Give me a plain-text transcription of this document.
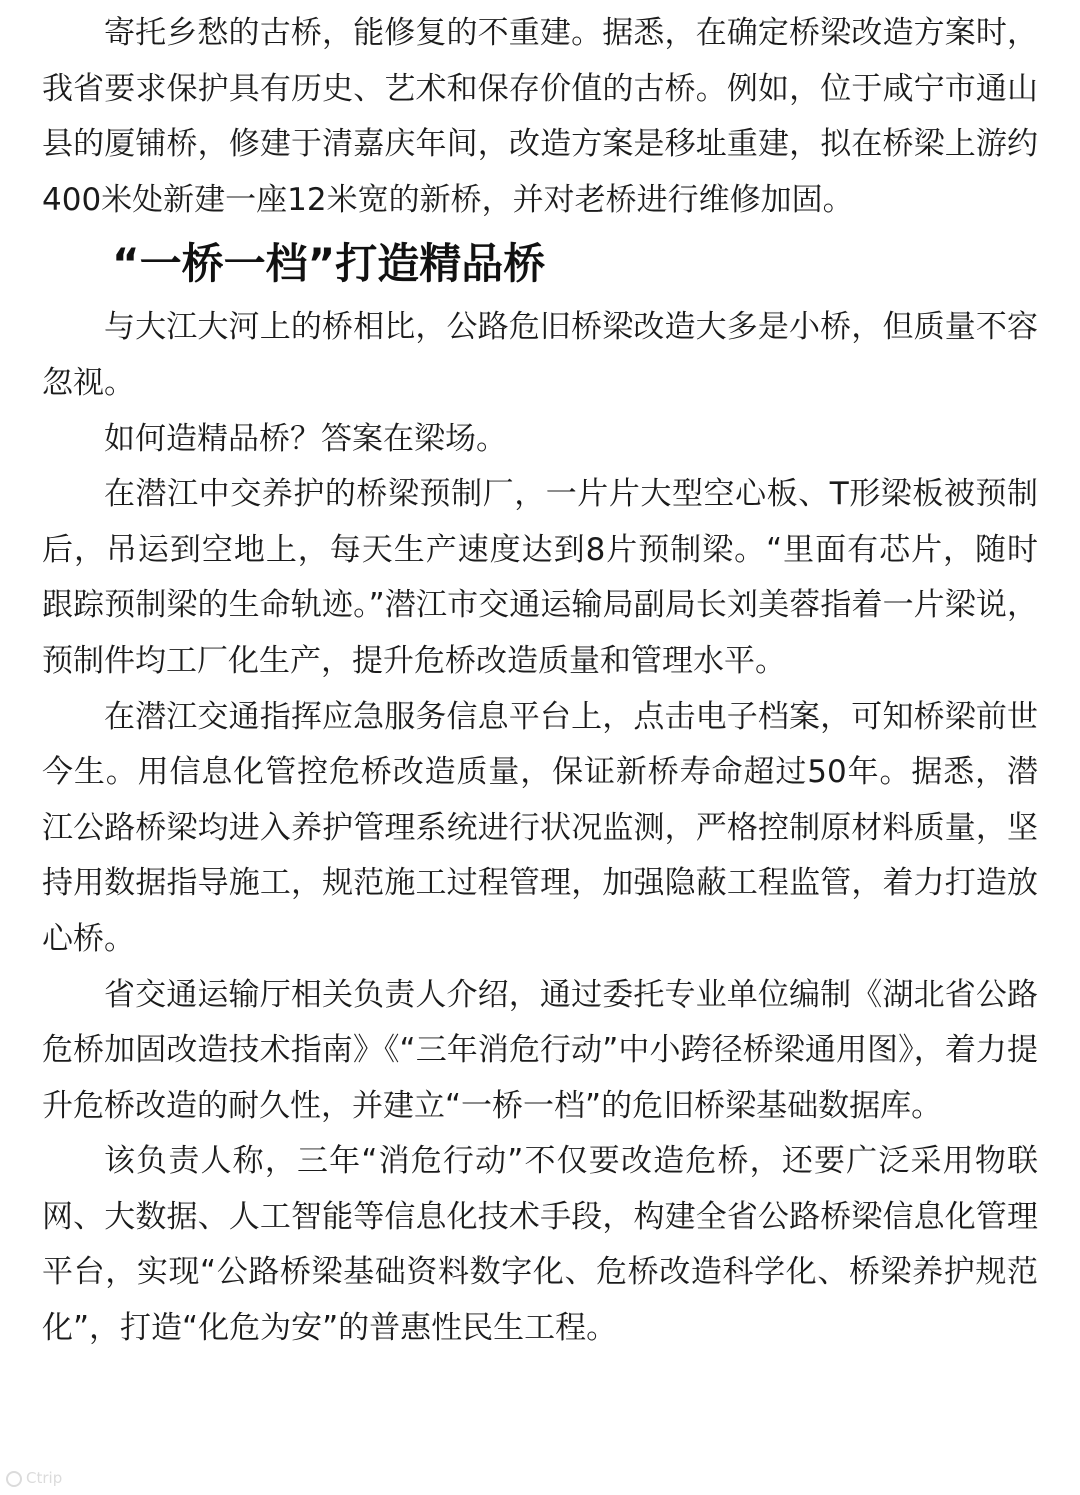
寄托乡愁的古桥，能修复的不重建。据悉，在确定桥梁改造方案时，我省要求保护具有历史、艺术和保存价值的古桥。例如，位于咸宁市通山县的厦铺桥，修建于清嘉庆年间，改造方案是移址重建，拟在桥梁上游约400米处新建一座12米宽的新桥，并对老桥进行维修加固。

“一桥一档”打造精品桥

与大江大河上的桥相比，公路危旧桥梁改造大多是小桥，但质量不容忽视。

如何造精品桥？答案在梁场。

在潜江中交养护的桥梁预制厂，一片片大型空心板、T形梁板被预制后，吊运到空地上，每天生产速度达到8片预制梁。“里面有芯片，随时跟踪预制梁的生命轨迹。”潜江市交通运输局副局长刘美蓉指着一片梁说，预制件均工厂化生产，提升危桥改造质量和管理水平。

在潜江交通指挥应急服务信息平台上，点击电子档案，可知桥梁前世今生。用信息化管控危桥改造质量，保证新桥寿命超过50年。据悉，潜江公路桥梁均进入养护管理系统进行状况监测，严格控制原材料质量，坚持用数据指导施工，规范施工过程管理，加强隐蔽工程监管，着力打造放心桥。

省交通运输厅相关负责人介绍，通过委托专业单位编制《湖北省公路危桥加固改造技术指南》《“三年消危行动”中小跨径桥梁通用图》，着力提升危桥改造的耐久性，并建立“一桥一档”的危旧桥梁基础数据库。

该负责人称，三年“消危行动”不仅要改造危桥，还要广泛采用物联网、大数据、人工智能等信息化技术手段，构建全省公路桥梁信息化管理平台，实现“公路桥梁基础资料数字化、危桥改造科学化、桥梁养护规范化”，打造“化危为安”的普惠性民生工程。

Ctrip
